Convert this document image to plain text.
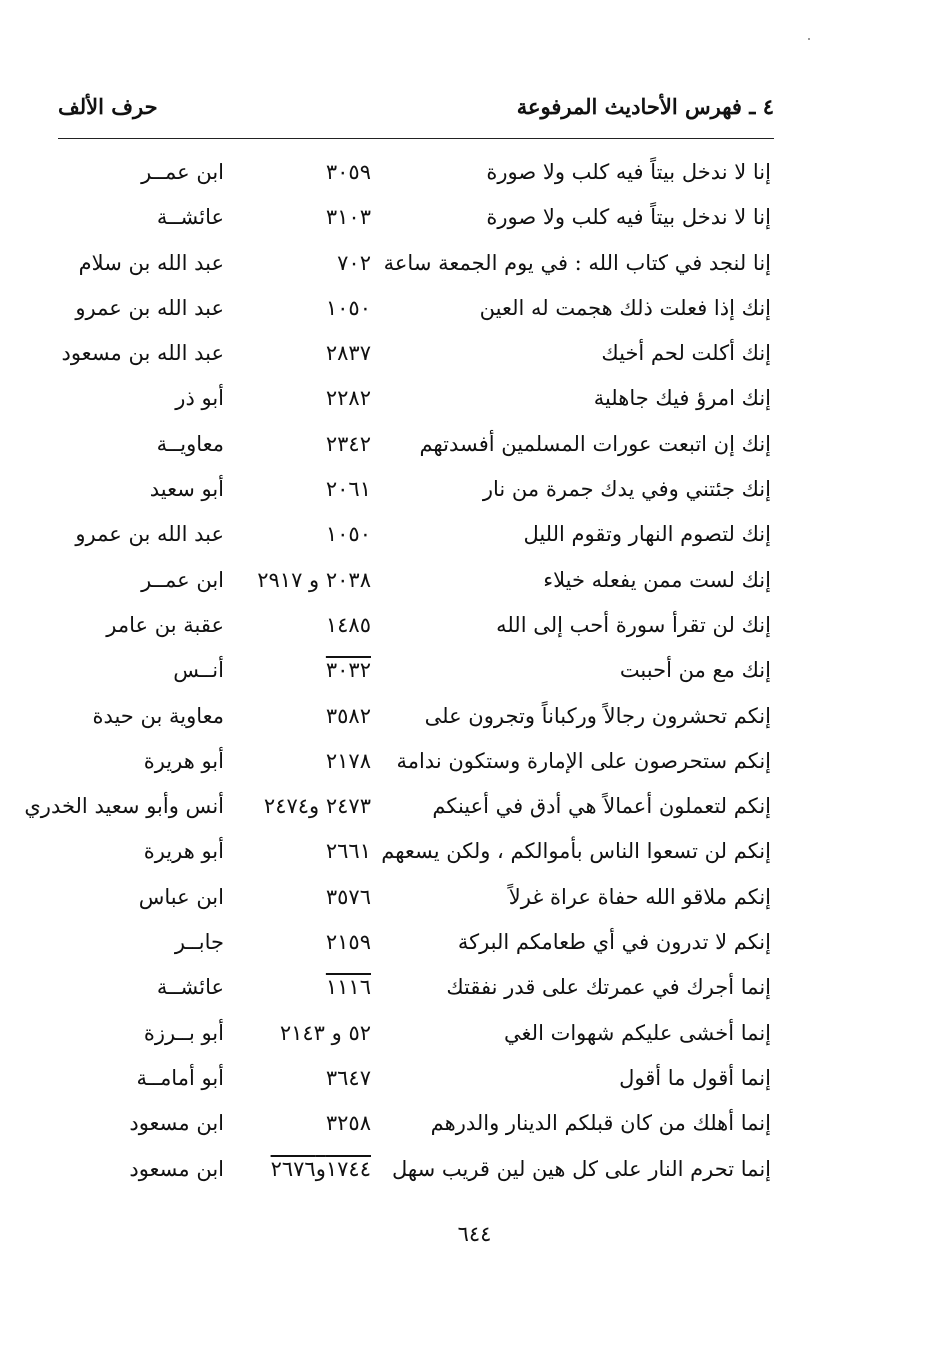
٤ ـ فهرس الأحاديث المرفوعة
حرف الألف
إنا لا ندخل بيتاً فيه كلب ولا صورة
٣٠٥٩
ابن عمــر
إنا لا ندخل بيتاً فيه كلب ولا صورة
٣١٠٣
عائشــة
إنا لنجد في كتاب الله : في يوم الجمعة ساعة
٧٠٢
عبد الله بن سلام
إنك إذا فعلت ذلك هجمت له العين
١٠٥٠
عبد الله بن عمرو
إنك أكلت لحم أخيك
٢٨٣٧
عبد الله بن مسعود
إنك امرؤ فيك جاهلية
٢٢٨٢
أبو ذر
إنك إن اتبعت عورات المسلمين أفسدتهم
٢٣٤٢
معاويــة
إنك جئتني وفي يدك جمرة من نار
٢٠٦١
أبو سعيد
إنك لتصوم النهار وتقوم الليل
١٠٥٠
عبد الله بن عمرو
إنك لست ممن يفعله خيلاء
٢٠٣٨ و ٢٩١٧
ابن عمــر
إنك لن تقرأ سورة أحب إلى الله
١٤٨٥
عقبة بن عامر
إنك مع من أحببت
٣٠٣٢
أنــس
إنكم تحشرون رجالاً وركباناً وتجرون على
٣٥٨٢
معاوية بن حيدة
إنكم ستحرصون على الإمارة وستكون ندامة
٢١٧٨
أبو هريرة
إنكم لتعملون أعمالاً هي أدق في أعينكم
٢٤٧٣ و٢٤٧٤
أنس وأبو سعيد الخدري
إنكم لن تسعوا الناس بأموالكم ، ولكن يسعهم
٢٦٦١
أبو هريرة
إنكم ملاقو الله حفاة عراة غرلاً
٣٥٧٦
ابن عباس
إنكم لا تدرون في أي طعامكم البركة
٢١٥٩
جابــر
إنما أجرك في عمرتك على قدر نفقتك
١١١٦
عائشــة
إنما أخشى عليكم شهوات الغي
٥٢ و ٢١٤٣
أبو بــرزة
إنما أقول ما أقول
٣٦٤٧
أبو أمامــة
إنما أهلك من كان قبلكم الدينار والدرهم
٣٢٥٨
ابن مسعود
إنما تحرم النار على كل هين لين قريب سهل
١٧٤٤و٢٦٧٦
ابن مسعود
٦٤٤
